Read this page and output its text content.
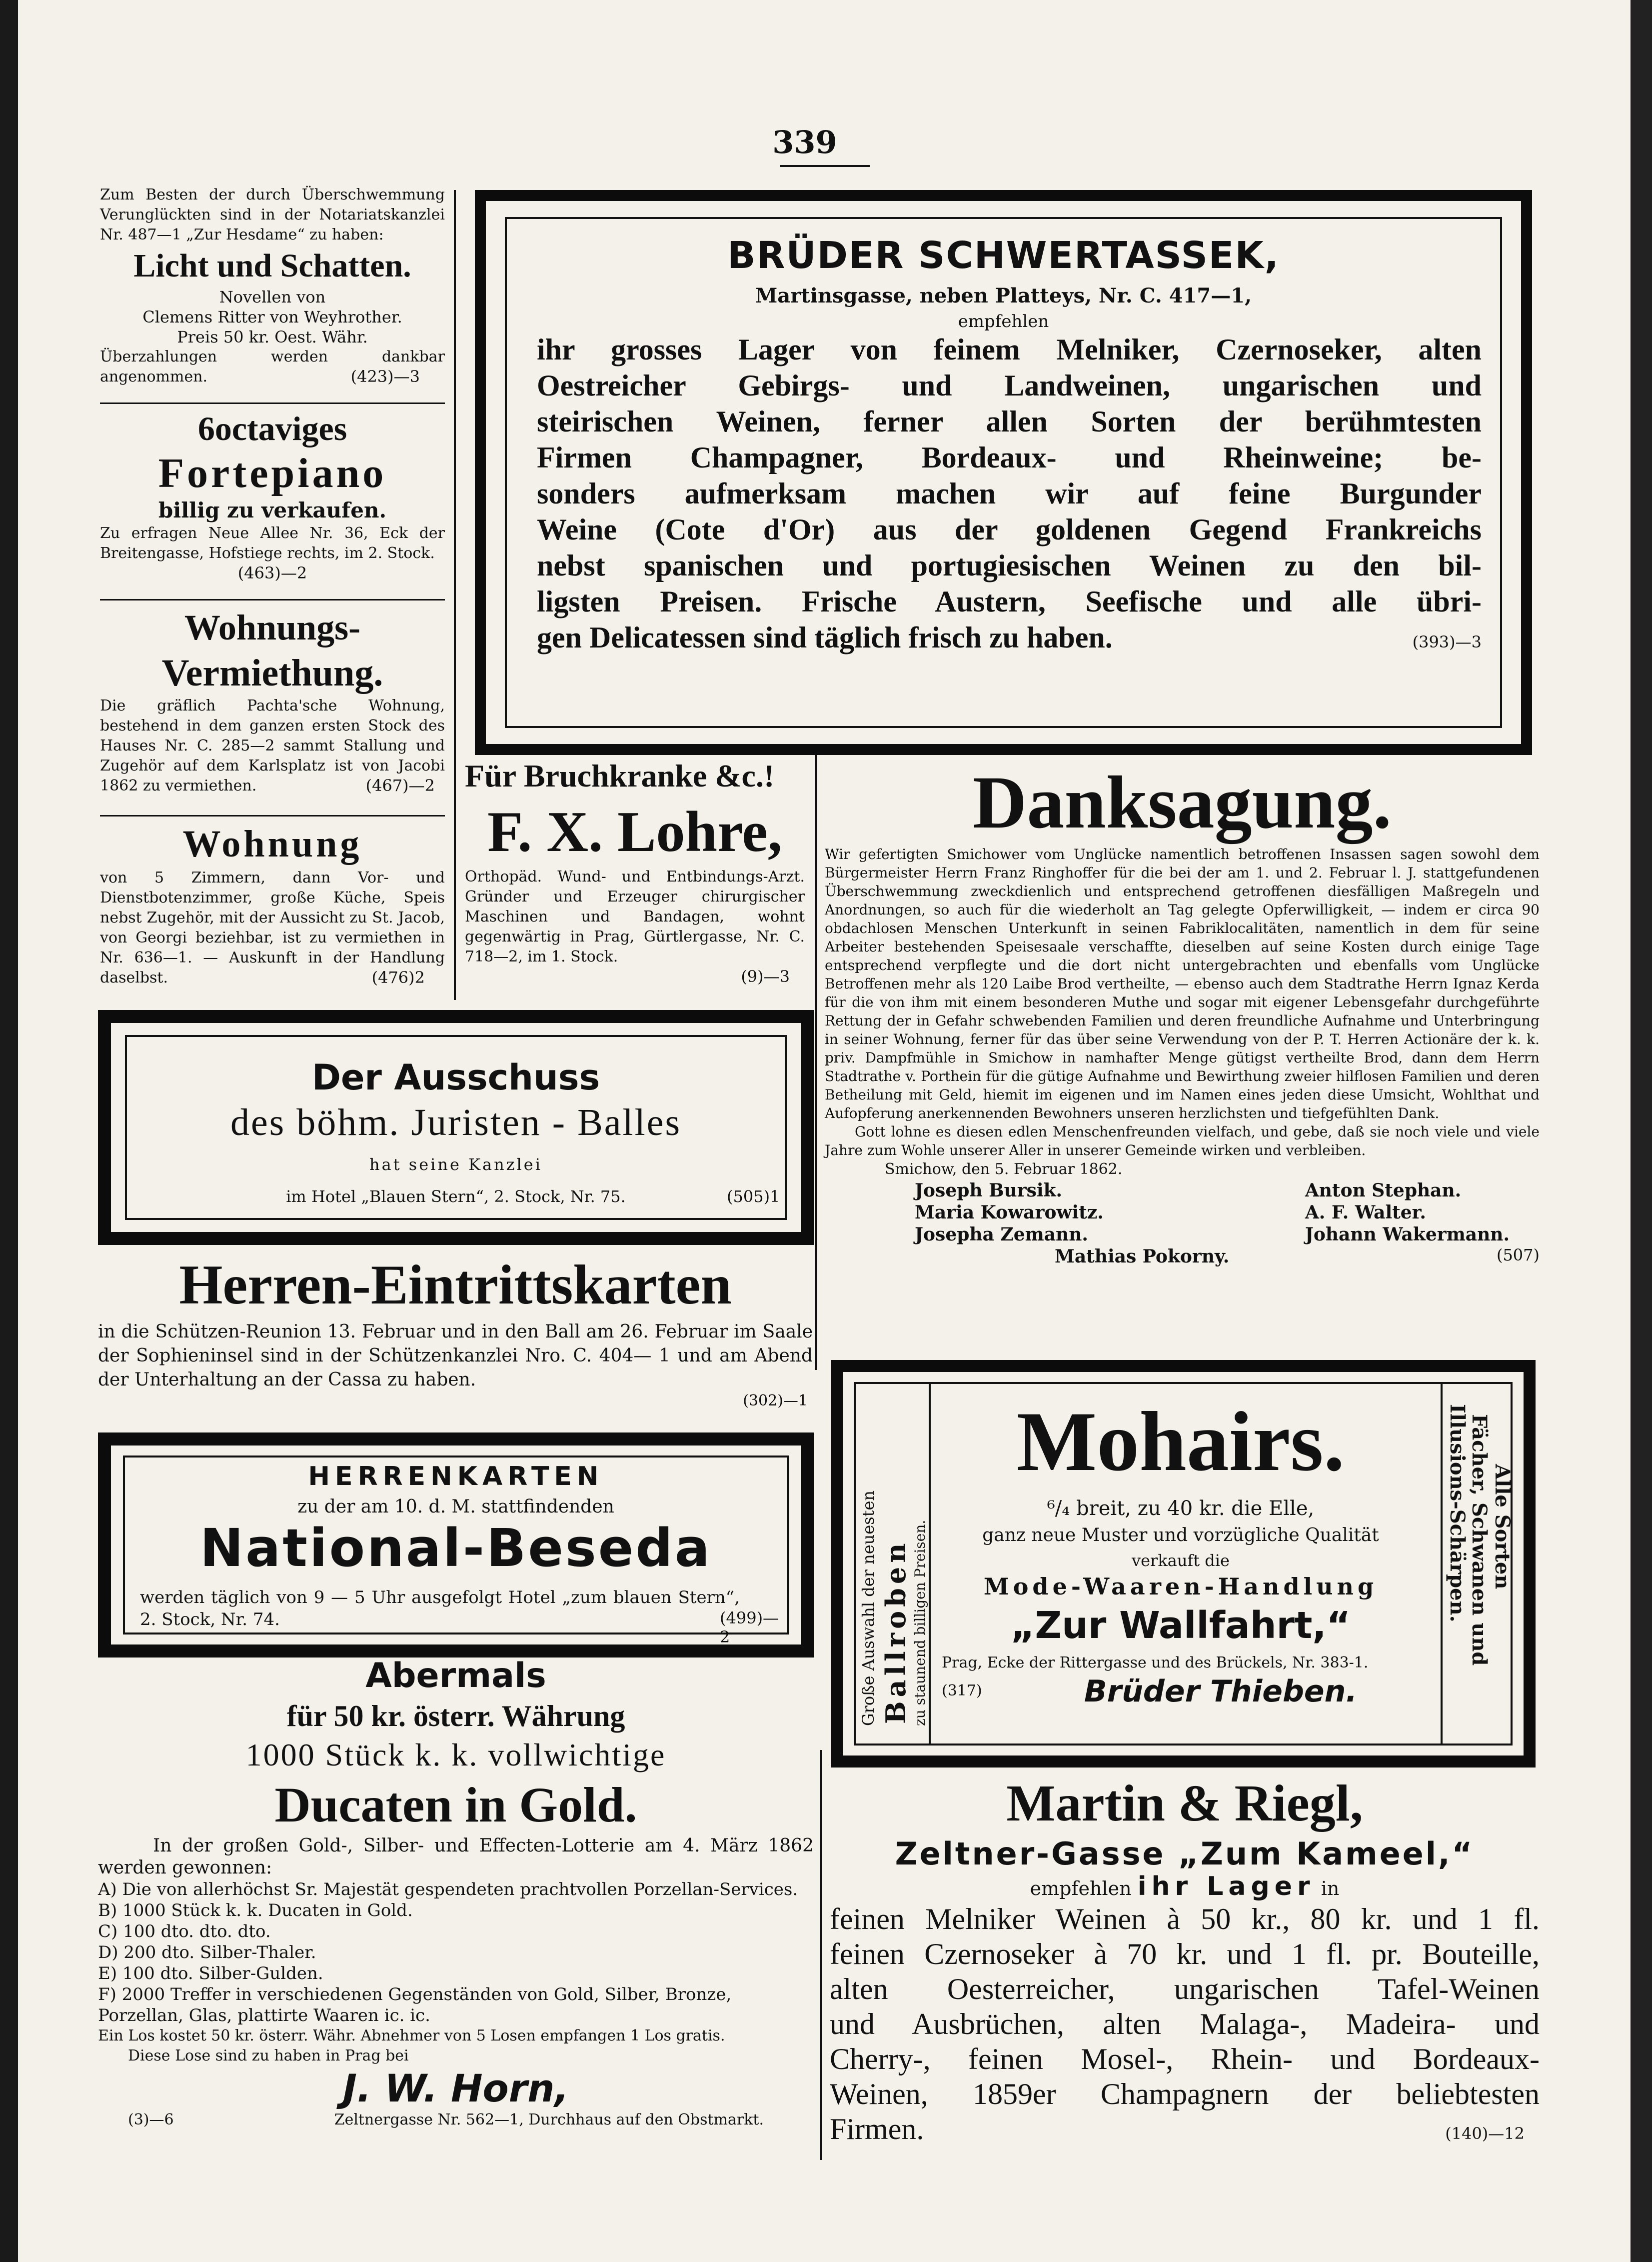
339

Zum Besten der durch Überschwemmung Verunglückten sind in der Notariatskanzlei Nr. 487—1 „Zur Hesdame“ zu haben:

Licht und Schatten.
Novellen von
Clemens Ritter von Weyhrother.
Preis 50 kr. Oest. Währ.

Überzahlungen werden dankbar angenommen.	(423)—3
6octaviges
Fortepiano
billig zu verkaufen.

Zu erfragen Neue Allee Nr. 36, Eck der Breitengasse, Hofstiege rechts, im 2. Stock.

(463)—2
Wohnungs-
Vermiethung.

Die gräflich Pachta'sche Wohnung, bestehend in dem ganzen ersten Stock des Hauses Nr. C. 285—2 sammt Stallung und Zugehör auf dem Karlsplatz ist von Jacobi 1862 zu vermiethen.	(467)—2
Wohnung

von 5 Zimmern, dann Vor- und Dienstbotenzimmer, große Küche, Speis nebst Zugehör, mit der Aussicht zu St. Jacob, von Georgi beziehbar, ist zu vermiethen in Nr. 636—1. — Auskunft in der Handlung daselbst.	(476)2
BRÜDER SCHWERTASSEK,
Martinsgasse, neben Platteys, Nr. C. 417—1,
empfehlen
ihr grosses Lager von feinem Melniker, Czernoseker, alten
Oestreicher Gebirgs- und Landweinen, ungarischen und
steirischen Weinen, ferner allen Sorten der berühmtesten
Firmen Champagner, Bordeaux- und Rheinweine; be-
sonders aufmerksam machen wir auf feine Burgunder
Weine (Cote d'Or) aus der goldenen Gegend Frankreichs
nebst spanischen und portugiesischen Weinen zu den bil-
ligsten Preisen. Frische Austern, Seefische und alle übri-
gen Delicatessen sind täglich frisch zu haben.	(393)—3
Für Bruchkranke &c.!
F. X. Lohre,

Orthopäd. Wund- und Entbindungs-Arzt. Gründer und Erzeuger chirurgischer Maschinen und Bandagen, wohnt gegenwärtig in Prag, Gürtlergasse, Nr. C. 718—2, im 1. Stock.

(9)—3
Danksagung.

Wir gefertigten Smichower vom Unglücke namentlich betroffenen Insassen sagen sowohl dem Bürgermeister Herrn Franz Ringhoffer für die bei der am 1. und 2. Februar l. J. stattgefundenen Überschwemmung zweckdienlich und entsprechend getroffenen diesfälligen Maßregeln und Anordnungen, so auch für die wiederholt an Tag gelegte Opferwilligkeit, — indem er circa 90 obdachlosen Menschen Unterkunft in seinen Fabriklocalitäten, namentlich in dem für seine Arbeiter bestehenden Speisesaale verschaffte, dieselben auf seine Kosten durch einige Tage entsprechend verpflegte und die dort nicht untergebrachten und ebenfalls vom Unglücke Betroffenen mehr als 120 Laibe Brod vertheilte, — ebenso auch dem Stadtrathe Herrn Ignaz Kerda für die von ihm mit einem besonderen Muthe und sogar mit eigener Lebensgefahr durchgeführte Rettung der in Gefahr schwebenden Familien und deren freundliche Aufnahme und Unterbringung in seiner Wohnung, ferner für das über seine Verwendung von der P. T. Herren Actionäre der k. k. priv. Dampfmühle in Smichow in namhafter Menge gütigst vertheilte Brod, dann dem Herrn Stadtrathe v. Porthein für die gütige Aufnahme und Bewirthung zweier hilflosen Familien und deren Betheilung mit Geld, hiemit im eigenen und im Namen eines jeden diese Umsicht, Wohlthat und Aufopferung anerkennenden Bewohners unseren herzlichsten und tiefgefühlten Dank.

Gott lohne es diesen edlen Menschenfreunden vielfach, und gebe, daß sie noch viele und viele Jahre zum Wohle unserer Aller in unserer Gemeinde wirken und verbleiben.

Smichow, den 5. Februar 1862.
Joseph Bursik.
Maria Kowarowitz.
Josepha Zemann.
Anton Stephan.
A. F. Walter.
Johann Wakermann.
Mathias Pokorny.	(507)
Der Ausschuss
des böhm. Juristen - Balles
hat seine Kanzlei
im Hotel „Blauen Stern“, 2. Stock, Nr. 75.	(505)1
Herren-Eintrittskarten

in die Schützen-Reunion 13. Februar und in den Ball am 26. Februar im Saale der Sophieninsel sind in der Schützenkanzlei Nro. C. 404— 1 und am Abend der Unterhaltung an der Cassa zu haben.

(302)—1
HERRENKARTEN
zu der am 10. d. M. stattfindenden
National-Beseda
werden täglich von 9 — 5 Uhr ausgefolgt Hotel „zum blauen Stern“, 2. Stock, Nr. 74.	(499)—2
Abermals
für 50 kr. österr. Währung
1000 Stück k. k. vollwichtige
Ducaten in Gold.

In der großen Gold-, Silber- und Effecten-Lotterie am 4. März 1862 werden gewonnen:

A) Die von allerhöchst Sr. Majestät gespendeten prachtvollen Porzellan-Services.
B) 1000 Stück k. k. Ducaten in Gold.
C) 100 dto. dto. dto.
D) 200 dto. Silber-Thaler.
E) 100 dto. Silber-Gulden.
F) 2000 Treffer in verschiedenen Gegenständen von Gold, Silber, Bronze, Porzellan, Glas, plattirte Waaren ic. ic.
Ein Los kostet 50 kr. österr. Währ. Abnehmer von 5 Losen empfangen 1 Los gratis.
Diese Lose sind zu haben in Prag bei
J. W. Horn,
(3)—6	Zeltnergasse Nr. 562—1, Durchhaus auf den Obstmarkt.
Große Auswahl der neuesten Ballroben zu staunend billigen Preisen.
Mohairs.
⁶/₄ breit, zu 40 kr. die Elle,
ganz neue Muster und vorzügliche Qualität
verkauft die
Mode-Waaren-Handlung
„Zur Wallfahrt,“
Prag, Ecke der Rittergasse und des Brückels, Nr. 383-1.
(317)	Brüder Thieben.
Alle Sorten
Fächer, Schwanen und
Illusions-Schärpen.
Martin & Riegl,
Zeltner-Gasse „Zum Kameel,“
empfehlen ihr Lager in
feinen Melniker Weinen à 50 kr., 80 kr. und 1 fl.
feinen Czernoseker à 70 kr. und 1 fl. pr. Bouteille,
alten Oesterreicher, ungarischen Tafel-Weinen
und Ausbrüchen, alten Malaga-, Madeira- und
Cherry-, feinen Mosel-, Rhein- und Bordeaux-
Weinen, 1859er Champagnern der beliebtesten
Firmen.	(140)—12
